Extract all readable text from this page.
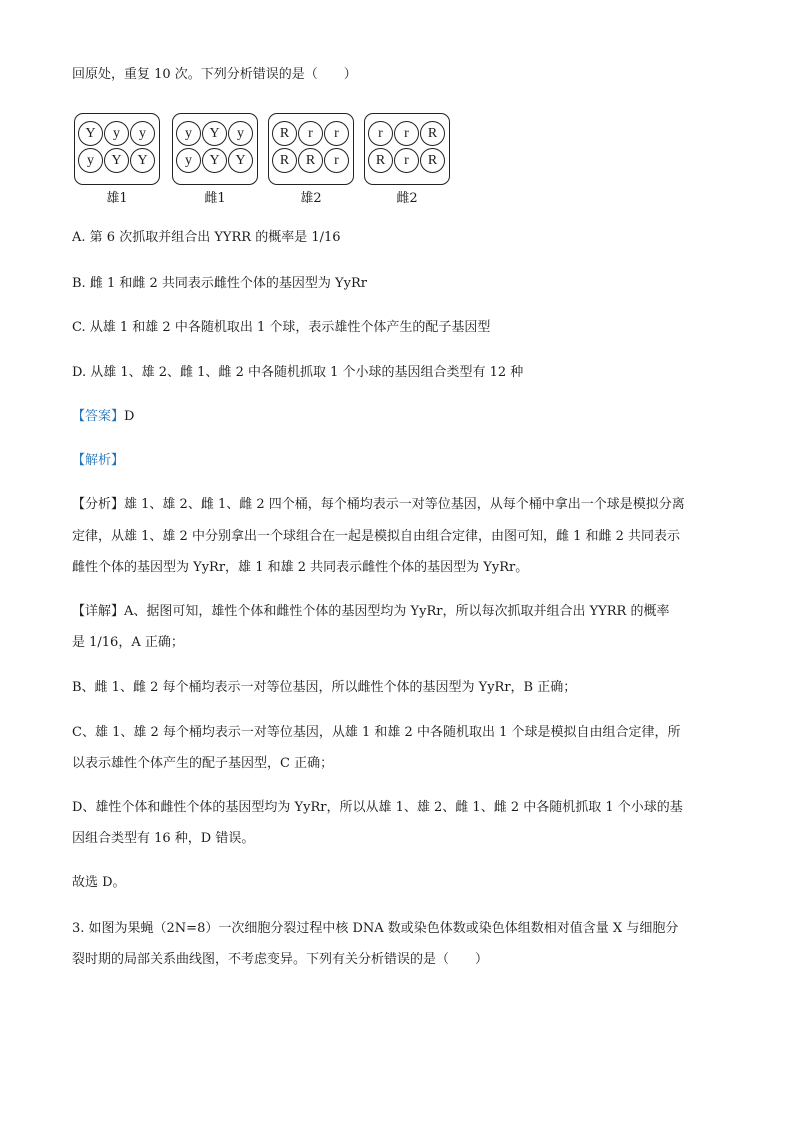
回原处，重复 10 次。下列分析错误的是（　　）
Y	y	y
y	Y	Y
雄1
y	Y	y
y	Y	Y
雌1
R	r	r
R	R	r
雄2
r	r	R
R	r	R
雌2
A. 第 6 次抓取并组合出 YYRR 的概率是 1/16
B. 雌 1 和雌 2 共同表示雌性个体的基因型为 YyRr
C. 从雄 1 和雄 2 中各随机取出 1 个球，表示雄性个体产生的配子基因型
D. 从雄 1、雄 2、雌 1、雌 2 中各随机抓取 1 个小球的基因组合类型有 12 种
【答案】D
【解析】
【分析】雄 1、雄 2、雌 1、雌 2 四个桶，每个桶均表示一对等位基因，从每个桶中拿出一个球是模拟分离
定律，从雄 1、雄 2 中分别拿出一个球组合在一起是模拟自由组合定律，由图可知，雌 1 和雌 2 共同表示
雌性个体的基因型为 YyRr，雄 1 和雄 2 共同表示雌性个体的基因型为 YyRr。
【详解】A、据图可知，雄性个体和雌性个体的基因型均为 YyRr，所以每次抓取并组合出 YYRR 的概率
是 1/16，A 正确；
B、雌 1、雌 2 每个桶均表示一对等位基因，所以雌性个体的基因型为 YyRr，B 正确；
C、雄 1、雄 2 每个桶均表示一对等位基因，从雄 1 和雄 2 中各随机取出 1 个球是模拟自由组合定律，所
以表示雄性个体产生的配子基因型，C 正确；
D、雄性个体和雌性个体的基因型均为 YyRr，所以从雄 1、雄 2、雌 1、雌 2 中各随机抓取 1 个小球的基
因组合类型有 16 种，D 错误。
故选 D。
3. 如图为果蝇（2N=8）一次细胞分裂过程中核 DNA 数或染色体数或染色体组数相对值含量 X 与细胞分
裂时期的局部关系曲线图，不考虑变异。下列有关分析错误的是（　　）
